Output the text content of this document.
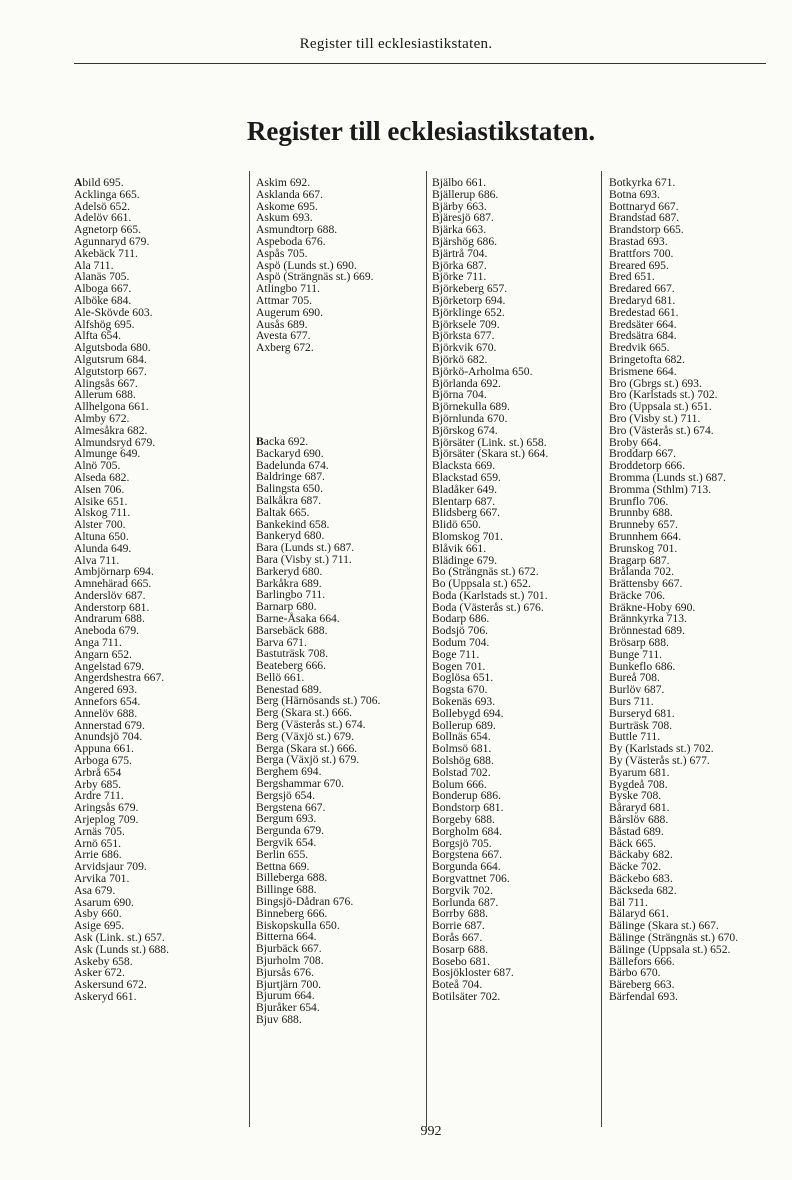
Register till ecklesiastikstaten.
Register till ecklesiastikstaten.
Abild 695.
Acklinga 665.
Adelsö 652.
Adelöv 661.
Agnetorp 665.
Agunnaryd 679.
Akebäck 711.
Ala 711.
Alanäs 705.
Alboga 667.
Alböke 684.
Ale-Skövde 603.
Alfshög 695.
Alfta 654.
Algutsboda 680.
Algutsrum 684.
Algutstorp 667.
Alingsås 667.
Allerum 688.
Allhelgona 661.
Almby 672.
Almesåkra 682.
Almundsryd 679.
Almunge 649.
Alnö 705.
Alseda 682.
Alsen 706.
Alsike 651.
Alskog 711.
Alster 700.
Altuna 650.
Alunda 649.
Alva 711.
Ambjörnarp 694.
Amnehärad 665.
Anderslöv 687.
Anderstorp 681.
Andrarum 688.
Aneboda 679.
Anga 711.
Angarn 652.
Angelstad 679.
Angerdshestra 667.
Angered 693.
Annefors 654.
Annelöv 688.
Annerstad 679.
Anundsjö 704.
Appuna 661.
Arboga 675.
Arbrå 654
Arby 685.
Ardre 711.
Aringsås 679.
Arjeplog 709.
Arnäs 705.
Arnö 651.
Arrie 686.
Arvidsjaur 709.
Arvika 701.
Asa 679.
Asarum 690.
Asby 660.
Asige 695.
Ask (Link. st.) 657.
Ask (Lunds st.) 688.
Askeby 658.
Asker 672.
Askersund 672.
Askeryd 661.
Askim 692.
Asklanda 667.
Askome 695.
Askum 693.
Asmundtorp 688.
Aspeboda 676.
Aspås 705.
Aspö (Lunds st.) 690.
Aspö (Strängnäs st.) 669.
Atlingbo 711.
Attmar 705.
Augerum 690.
Ausås 689.
Avesta 677.
Axberg 672.
Backa 692.
Backaryd 690.
Badelunda 674.
Baldringe 687.
Balingsta 650.
Balkåkra 687.
Baltak 665.
Bankekind 658.
Bankeryd 680.
Bara (Lunds st.) 687.
Bara (Visby st.) 711.
Barkeryd 680.
Barkåkra 689.
Barlingbo 711.
Barnarp 680.
Barne-Åsaka 664.
Barsebäck 688.
Barva 671.
Bastuträsk 708.
Beateberg 666.
Bellö 661.
Benestad 689.
Berg (Härnösands st.) 706.
Berg (Skara st.) 666.
Berg (Västerås st.) 674.
Berg (Växjö st.) 679.
Berga (Skara st.) 666.
Berga (Växjö st.) 679.
Berghem 694.
Bergshammar 670.
Bergsjö 654.
Bergstena 667.
Bergum 693.
Bergunda 679.
Bergvik 654.
Berlin 655.
Bettna 669.
Billeberga 688.
Billinge 688.
Bingsjö-Dådran 676.
Binneberg 666.
Biskopskulla 650.
Bitterna 664.
Bjurbäck 667.
Bjurholm 708.
Bjursås 676.
Bjurtjärn 700.
Bjurum 664.
Bjuråker 654.
Bjuv 688.
Bjälbo 661.
Bjällerup 686.
Bjärby 663.
Bjäresjö 687.
Bjärka 663.
Bjärshög 686.
Bjärtrå 704.
Björka 687.
Björke 711.
Björkeberg 657.
Björketorp 694.
Björklinge 652.
Björksele 709.
Björksta 677.
Björkvik 670.
Björkö 682.
Björkö-Arholma 650.
Björlanda 692.
Björna 704.
Björnekulla 689.
Björnlunda 670.
Björskog 674.
Björsäter (Link. st.) 658.
Björsäter (Skara st.) 664.
Blacksta 669.
Blackstad 659.
Bladåker 649.
Blentarp 687.
Blidsberg 667.
Blidö 650.
Blomskog 701.
Blåvik 661.
Blädinge 679.
Bo (Strängnäs st.) 672.
Bo (Uppsala st.) 652.
Boda (Karlstads st.) 701.
Boda (Västerås st.) 676.
Bodarp 686.
Bodsjö 706.
Bodum 704.
Boge 711.
Bogen 701.
Boglösa 651.
Bogsta 670.
Bokenäs 693.
Bollebygd 694.
Bollerup 689.
Bollnäs 654.
Bolmsö 681.
Bolshög 688.
Bolstad 702.
Bolum 666.
Bonderup 686.
Bondstorp 681.
Borgeby 688.
Borgholm 684.
Borgsjö 705.
Borgstena 667.
Borgunda 664.
Borgvattnet 706.
Borgvik 702.
Borlunda 687.
Borrby 688.
Borrie 687.
Borås 667.
Bosarp 688.
Bosebo 681.
Bosjökloster 687.
Boteå 704.
Botilsäter 702.
Botkyrka 671.
Botna 693.
Bottnaryd 667.
Brandstad 687.
Brandstorp 665.
Brastad 693.
Brattfors 700.
Breared 695.
Bred 651.
Bredared 667.
Bredaryd 681.
Bredestad 661.
Bredsäter 664.
Bredsätra 684.
Bredvik 665.
Bringetofta 682.
Brismene 664.
Bro (Gbrgs st.) 693.
Bro (Karlstads st.) 702.
Bro (Uppsala st.) 651.
Bro (Visby st.) 711.
Bro (Västerås st.) 674.
Broby 664.
Broddarp 667.
Broddetorp 666.
Bromma (Lunds st.) 687.
Bromma (Sthlm) 713.
Brunflo 706.
Brunnby 688.
Brunneby 657.
Brunnhem 664.
Brunskog 701.
Bragarp 687.
Brålanda 702.
Brättensby 667.
Bräcke 706.
Bräkne-Hoby 690.
Brännkyrka 713.
Brönnestad 689.
Brösarp 688.
Bunge 711.
Bunkeflo 686.
Bureå 708.
Burlöv 687.
Burs 711.
Burseryd 681.
Burträsk 708.
Buttle 711.
By (Karlstads st.) 702.
By (Västerås st.) 677.
Byarum 681.
Bygdeå 708.
Byske 708.
Båraryd 681.
Bårslöv 688.
Båstad 689.
Bäck 665.
Bäckaby 682.
Bäcke 702.
Bäckebo 683.
Bäckseda 682.
Bäl 711.
Bälaryd 661.
Bälinge (Skara st.) 667.
Bälinge (Strängnäs st.) 670.
Bälinge (Uppsala st.) 652.
Bällefors 666.
Bärbo 670.
Bäreberg 663.
Bärfendal 693.
992
